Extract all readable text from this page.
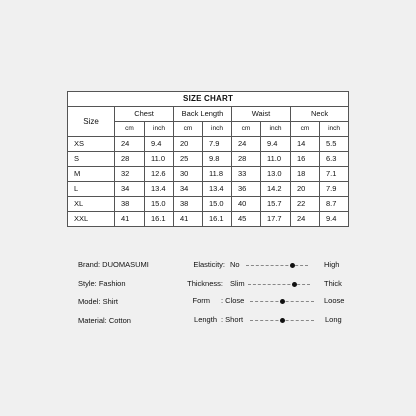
SIZE CHART								
Size	Chest		Back Length		Waist		Neck	
	cm	inch	cm	inch	cm	inch	cm	inch
XS	24	9.4	20	7.9	24	9.4	14	5.5
S	28	11.0	25	9.8	28	11.0	16	6.3
M	32	12.6	30	11.8	33	13.0	18	7.1
L	34	13.4	34	13.4	36	14.2	20	7.9
XL	38	15.0	38	15.0	40	15.7	22	8.7
XXL	41	16.1	41	16.1	45	17.7	24	9.4
Brand: DUOMASUMI
Style: Fashion
Model: Shirt
Material: Cotton
Elasticity: No	High
Thickness: Slim	Thick
Form : Close	Loose
Length : Short	Long
